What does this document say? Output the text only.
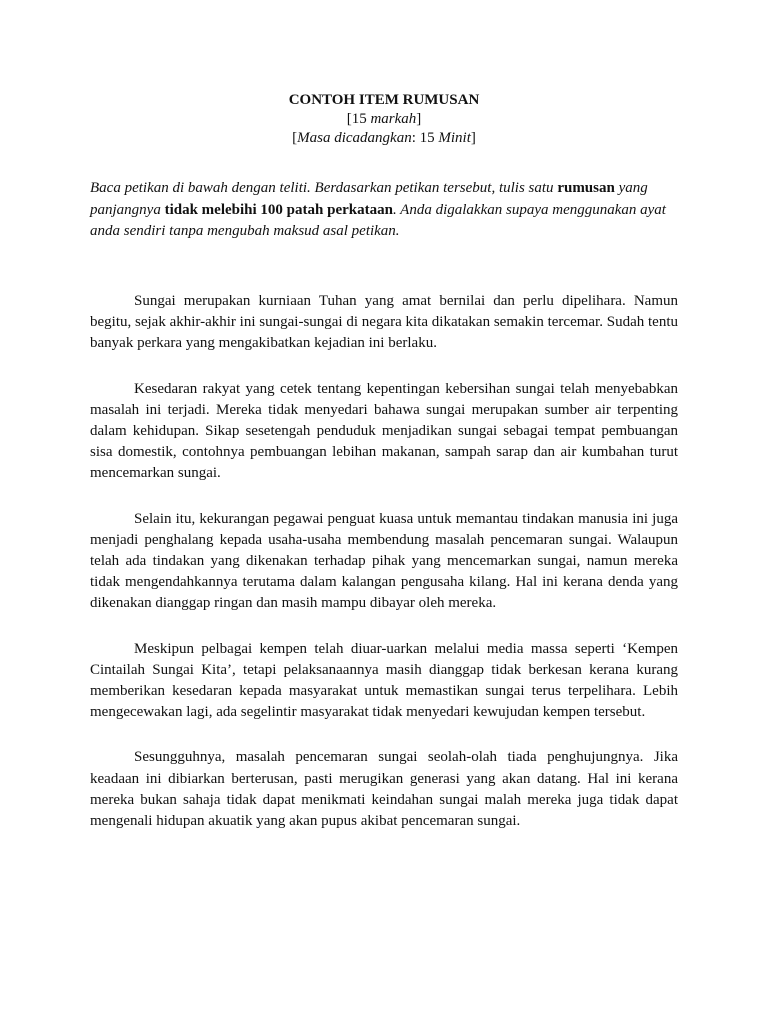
CONTOH ITEM RUMUSAN
[15 markah]
[Masa dicadangkan: 15 Minit]
Baca petikan di bawah dengan teliti. Berdasarkan petikan tersebut, tulis satu rumusan yang panjangnya tidak melebihi 100 patah perkataan. Anda digalakkan supaya menggunakan ayat anda sendiri tanpa mengubah maksud asal petikan.

Sungai merupakan kurniaan Tuhan yang amat bernilai dan perlu dipelihara. Namun begitu, sejak akhir-akhir ini sungai-sungai di negara kita dikatakan semakin tercemar. Sudah tentu banyak perkara yang mengakibatkan kejadian ini berlaku.

Kesedaran rakyat yang cetek tentang kepentingan kebersihan sungai telah menyebabkan masalah ini terjadi. Mereka tidak menyedari bahawa sungai merupakan sumber air terpenting dalam kehidupan. Sikap sesetengah penduduk menjadikan sungai sebagai tempat pembuangan sisa domestik, contohnya pembuangan lebihan makanan, sampah sarap dan air kumbahan turut mencemarkan sungai.

Selain itu, kekurangan pegawai penguat kuasa untuk memantau tindakan manusia ini juga menjadi penghalang kepada usaha-usaha membendung masalah pencemaran sungai. Walaupun telah ada tindakan yang dikenakan terhadap pihak yang mencemarkan sungai, namun mereka tidak mengendahkannya terutama dalam kalangan pengusaha kilang. Hal ini kerana denda yang dikenakan dianggap ringan dan masih mampu dibayar oleh mereka.

Meskipun pelbagai kempen telah diuar-uarkan melalui media massa seperti ‘Kempen Cintailah Sungai Kita’, tetapi pelaksanaannya masih dianggap tidak berkesan kerana kurang memberikan kesedaran kepada masyarakat untuk memastikan sungai terus terpelihara. Lebih mengecewakan lagi, ada segelintir masyarakat tidak menyedari kewujudan kempen tersebut.

Sesungguhnya, masalah pencemaran sungai seolah-olah tiada penghujungnya. Jika keadaan ini dibiarkan berterusan, pasti merugikan generasi yang akan datang. Hal ini kerana mereka bukan sahaja tidak dapat menikmati keindahan sungai malah mereka juga tidak dapat mengenali hidupan akuatik yang akan pupus akibat pencemaran sungai.
